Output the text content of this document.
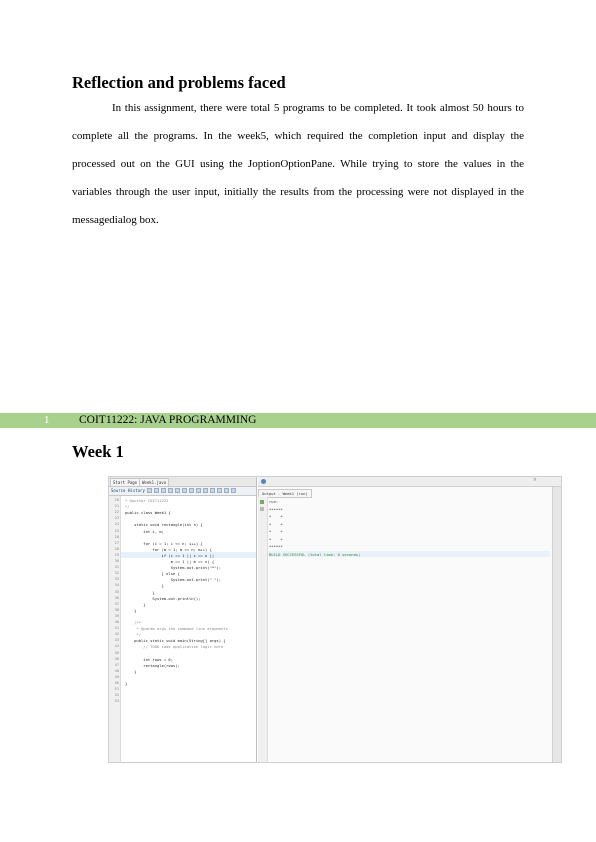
Reflection and problems faced

In this assignment, there were total 5 programs to be completed. It took almost 50 hours to complete all the programs. In the week5, which required the completion input and display the processed out on the GUI using the JoptionOptionPane. While trying to store the values in the variables through the user input, initially the results from the processing were not displayed in the messagedialog box.

1	COIT11222: JAVA PROGRAMMING
Week 1
Start Page	Week1.java
Source History
20
21
22
23
24
25
26
27
28
29
30
31
32
33
34
35
36
37
38
39
40
41
42
43
44
45
46
47
48
49
50
51
52
53
* @author COIT11222
*/
public class Week1 {
static void rectangle(int n) {
int i, m;
for (i = 1; i <= n; i++) {
for (m = 1; m <= n; m++) {
if (i == 1 || i == n ||
m == 1 || m == n) {
System.out.print("*");
} else {
System.out.print(" ");
}
}
System.out.println();
}
}
/**
* @param args the command line arguments
*/
public static void main(String[] args) {
// TODO code application logic here
int rows = 6;
rectangle(rows);
}
}
×
Output - Week1 (run)
run:
******
*    *
*    *
*    *
*    *
******
BUILD SUCCESSFUL (total time: 0 seconds)
